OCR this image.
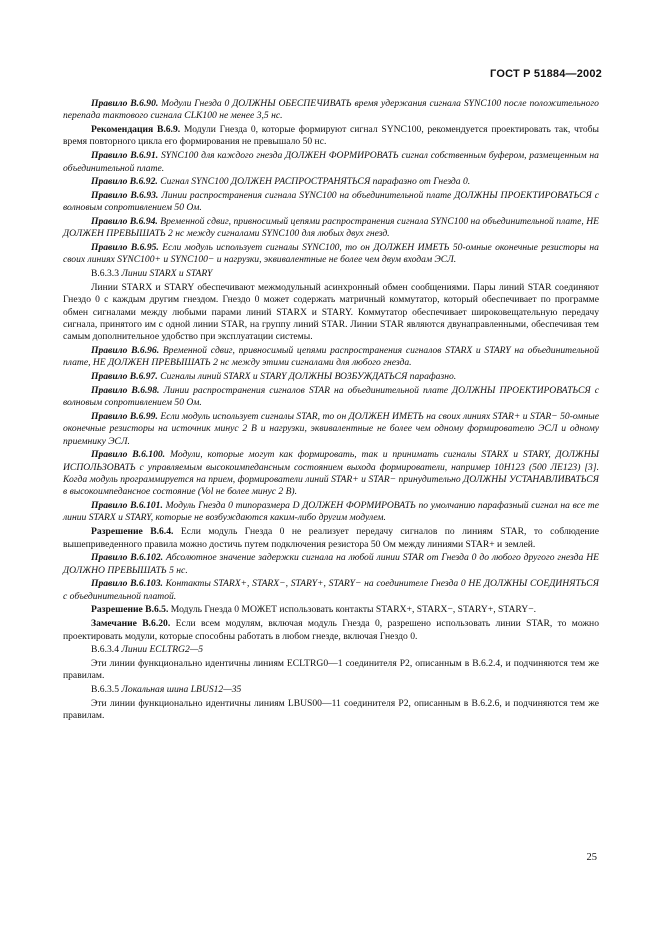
ГОСТ Р 51884—2002
Правило В.6.90. Модули Гнезда 0 ДОЛЖНЫ ОБЕСПЕЧИВАТЬ время удержания сигнала SYNC100 после положительного перепада тактового сигнала CLK100 не менее 3,5 нс.
Рекомендация В.6.9. Модули Гнезда 0, которые формируют сигнал SYNC100, рекомендуется проектировать так, чтобы время повторного цикла его формирования не превышало 50 нс.
Правило В.6.91. SYNC100 для каждого гнезда ДОЛЖЕН ФОРМИРОВАТЬ сигнал собственным буфером, размещенным на объединительной плате.
Правило В.6.92. Сигнал SYNC100 ДОЛЖЕН РАСПРОСТРАНЯТЬСЯ парафазно от Гнезда 0.
Правило В.6.93. Линии распространения сигнала SYNC100 на объединительной плате ДОЛЖНЫ ПРОЕКТИРОВАТЬСЯ с волновым сопротивлением 50 Ом.
Правило В.6.94. Временной сдвиг, привносимый цепями распространения сигнала SYNC100 на объединительной плате, НЕ ДОЛЖЕН ПРЕВЫШАТЬ 2 нс между сигналами SYNC100 для любых двух гнезд.
Правило В.6.95. Если модуль использует сигналы SYNC100, то он ДОЛЖЕН ИМЕТЬ 50-омные оконечные резисторы на своих линиях SYNC100+ и SYNC100− и нагрузки, эквивалентные не более чем двум входам ЭСЛ.
В.6.3.3 Линии STARX и STARY
Линии STARX и STARY обеспечивают межмодульный асинхронный обмен сообщениями. Пары линий STAR соединяют Гнездо 0 с каждым другим гнездом. Гнездо 0 может содержать матричный коммутатор, который обеспечивает по программе обмен сигналами между любыми парами линий STARX и STARY. Коммутатор обеспечивает широковещательную передачу сигнала, принятого им с одной линии STAR, на группу линий STAR. Линии STAR являются двунаправленными, обеспечивая тем самым дополнительное удобство при эксплуатации системы.
Правило В.6.96. Временной сдвиг, привносимый цепями распространения сигналов STARX и STARY на объединительной плате, НЕ ДОЛЖЕН ПРЕВЫШАТЬ 2 нс между этими сигналами для любого гнезда.
Правило В.6.97. Сигналы линий STARX и STARY ДОЛЖНЫ ВОЗБУЖДАТЬСЯ парафазно.
Правило В.6.98. Линии распространения сигналов STAR на объединительной плате ДОЛЖНЫ ПРОЕКТИРОВАТЬСЯ с волновым сопротивлением 50 Ом.
Правило В.6.99. Если модуль использует сигналы STAR, то он ДОЛЖЕН ИМЕТЬ на своих линиях STAR+ и STAR− 50-омные оконечные резисторы на источник минус 2 В и нагрузки, эквивалентные не более чем одному формирователю ЭСЛ и одному приемнику ЭСЛ.
Правило В.6.100. Модули, которые могут как формировать, так и принимать сигналы STARX и STARY, ДОЛЖНЫ ИСПОЛЬЗОВАТЬ с управляемым высокоимпедансным состоянием выхода формирователи, например 10Н123 (500 ЛЕ123) [3]. Когда модуль программируется на прием, формирователи линий STAR+ и STAR− принудительно ДОЛЖНЫ УСТАНАВЛИВАТЬСЯ в высокоимпедансное состояние (Vol не более минус 2 В).
Правило В.6.101. Модуль Гнезда 0 типоразмера D ДОЛЖЕН ФОРМИРОВАТЬ по умолчанию парафазный сигнал на все те линии STARX и STARY, которые не возбуждаются каким-либо другим модулем.
Разрешение В.6.4. Если модуль Гнезда 0 не реализует передачу сигналов по линиям STAR, то соблюдение вышеприведенного правила можно достичь путем подключения резистора 50 Ом между линиями STAR+ и землей.
Правило В.6.102. Абсолютное значение задержки сигнала на любой линии STAR от Гнезда 0 до любого другого гнезда НЕ ДОЛЖНО ПРЕВЫШАТЬ 5 нс.
Правило В.6.103. Контакты STARX+, STARX−, STARY+, STARY− на соединителе Гнезда 0 НЕ ДОЛЖНЫ СОЕДИНЯТЬСЯ с объединительной платой.
Разрешение В.6.5. Модуль Гнезда 0 МОЖЕТ использовать контакты STARX+, STARX−, STARY+, STARY−.
Замечание В.6.20. Если всем модулям, включая модуль Гнезда 0, разрешено использовать линии STAR, то можно проектировать модули, которые способны работать в любом гнезде, включая Гнездо 0.
В.6.3.4 Линии ECLTRG2—5
Эти линии функционально идентичны линиям ECLTRG0—1 соединителя Р2, описанным в В.6.2.4, и подчиняются тем же правилам.
В.6.3.5 Локальная шина LBUS12—35
Эти линии функционально идентичны линиям LBUS00—11 соединителя Р2, описанным в В.6.2.6, и подчиняются тем же правилам.
25
